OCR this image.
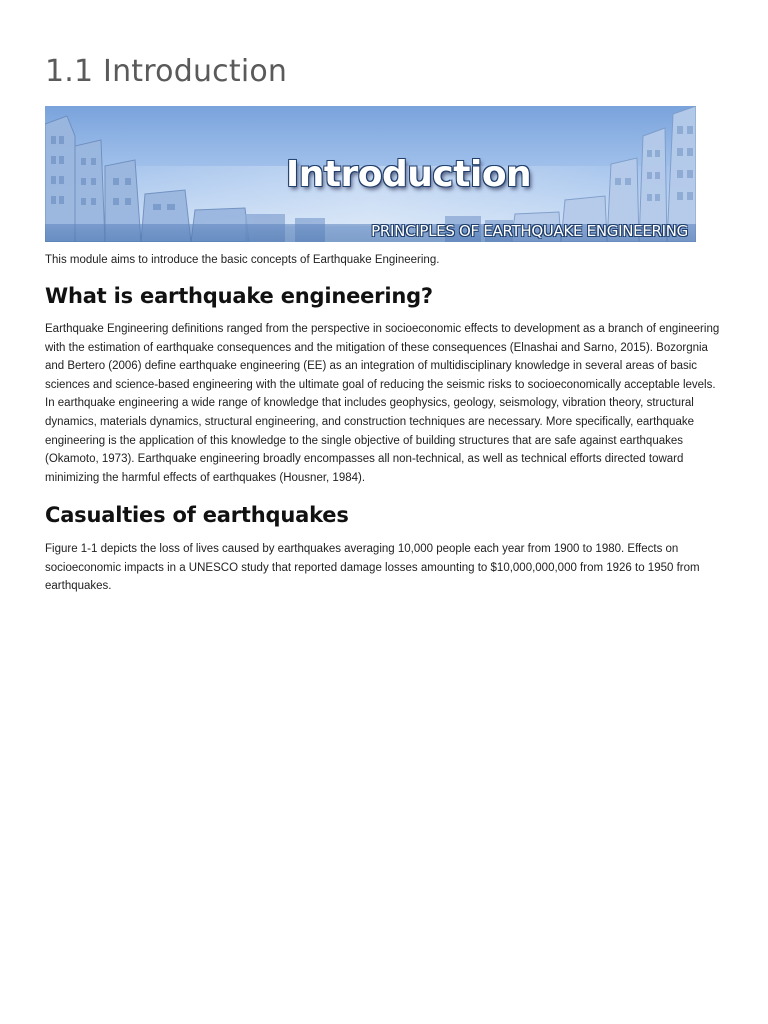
1.1 Introduction
Introduction
PRINCIPLES OF EARTHQUAKE ENGINEERING

This module aims to introduce the basic concepts of Earthquake Engineering.

What is earthquake engineering?

Earthquake Engineering definitions ranged from the perspective in socioeconomic effects to development as a branch of engineering with the estimation of earthquake consequences and the mitigation of these consequences (Elnashai and Sarno, 2015). Bozorgnia and Bertero (2006) define earthquake engineering (EE) as an integration of multidisciplinary knowledge in several areas of basic sciences and science-based engineering with the ultimate goal of reducing the seismic risks to socioeconomically acceptable levels. In earthquake engineering a wide range of knowledge that includes geophysics, geology, seismology, vibration theory, structural dynamics, materials dynamics, structural engineering, and construction techniques are necessary. More specifically, earthquake engineering is the application of this knowledge to the single objective of building structures that are safe against earthquakes (Okamoto, 1973). Earthquake engineering broadly encompasses all non-technical, as well as technical efforts directed toward minimizing the harmful effects of earthquakes (Housner, 1984).

Casualties of earthquakes

Figure 1-1 depicts the loss of lives caused by earthquakes averaging 10,000 people each year from 1900 to 1980. Effects on socioeconomic impacts in a UNESCO study that reported damage losses amounting to $10,000,000,000 from 1926 to 1950 from earthquakes.
